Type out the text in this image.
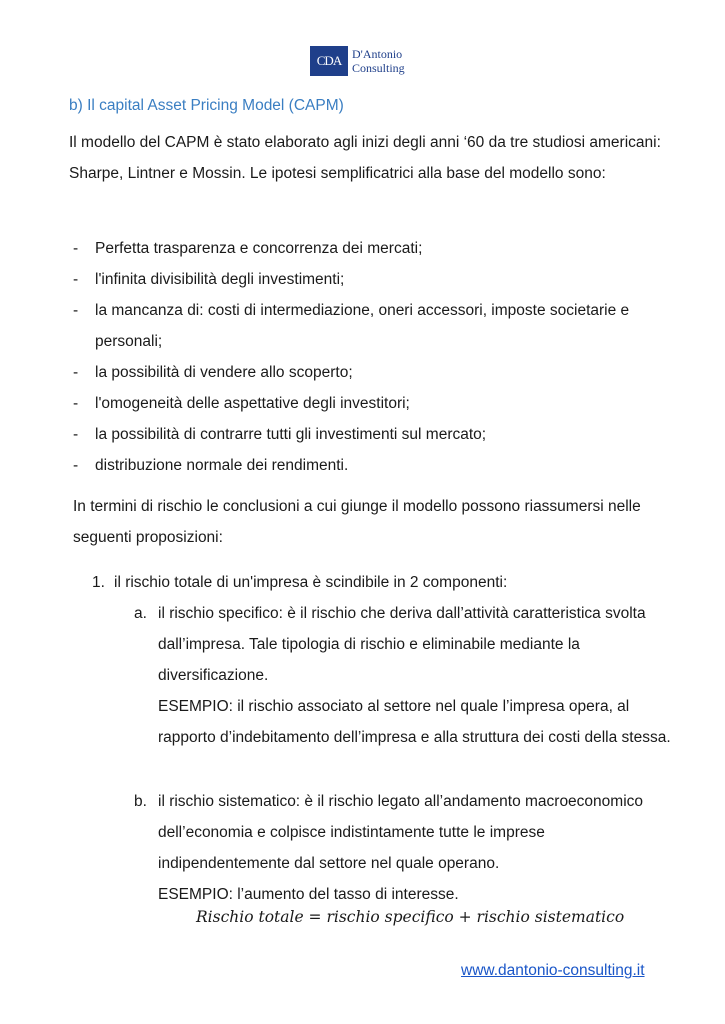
CDA D'Antonio
Consulting
b) Il capital Asset Pricing Model (CAPM)
Il modello del CAPM è stato elaborato agli inizi degli anni ‘60 da tre studiosi americani: Sharpe, Lintner e Mossin. Le ipotesi semplificatrici alla base del modello sono:
- Perfetta trasparenza e concorrenza dei mercati;
- l'infinita divisibilità degli investimenti;
- la mancanza di: costi di intermediazione, oneri accessori, imposte societarie e personali;
- la possibilità di vendere allo scoperto;
- l'omogeneità delle aspettative degli investitori;
- la possibilità di contrarre tutti gli investimenti sul mercato;
- distribuzione normale dei rendimenti.
In termini di rischio le conclusioni a cui giunge il modello possono riassumersi nelle seguenti proposizioni:
1. il rischio totale di un'impresa è scindibile in 2 componenti:
a. il rischio specifico: è il rischio che deriva dall’attività caratteristica svolta dall’impresa. Tale tipologia di rischio e eliminabile mediante la diversificazione.
ESEMPIO: il rischio associato al settore nel quale l’impresa opera, al rapporto d’indebitamento dell’impresa e alla struttura dei costi della stessa.
b. il rischio sistematico: è il rischio legato all’andamento macroeconomico dell’economia e colpisce indistintamente tutte le imprese indipendentemente dal settore nel quale operano.
ESEMPIO: l’aumento del tasso di interesse.
Rischio totale = rischio specifico + rischio sistematico
www.dantonio-consulting.it
